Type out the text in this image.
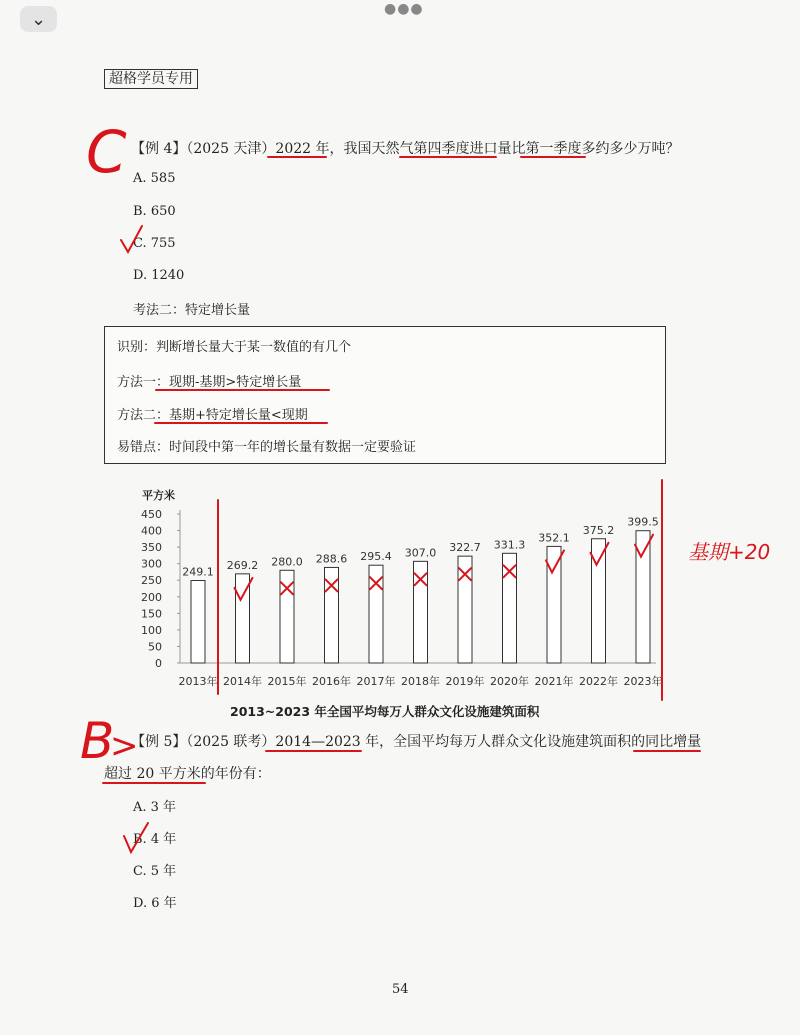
⌄	●●●
超格学员专用
【例 4】（2025 天津）2022 年，我国天然气第四季度进口量比第一季度多约多少万吨？
A. 585
B. 650
C. 755
D. 1240
考法二：特定增长量
识别：判断增长量大于某一数值的有几个
方法一：现期-基期>特定增长量
方法二：基期+特定增长量<现期
易错点：时间段中第一年的增长量有数据一定要验证
平方米
0
50
100
150
200
250
300
350
400
450
249.1
2013年
269.2
2014年
280.0
2015年
288.6
2016年
295.4
2017年
307.0
2018年
322.7
2019年
331.3
2020年
352.1
2021年
375.2
2022年
399.5
2023年
2013~2023 年全国平均每万人群众文化设施建筑面积
【例 5】（2025 联考）2014—2023 年，全国平均每万人群众文化设施建筑面积的同比增量
超过 20 平方米的年份有：
A. 3 年
B. 4 年
C. 5 年
D. 6 年
54
C
B
>
基期+20
